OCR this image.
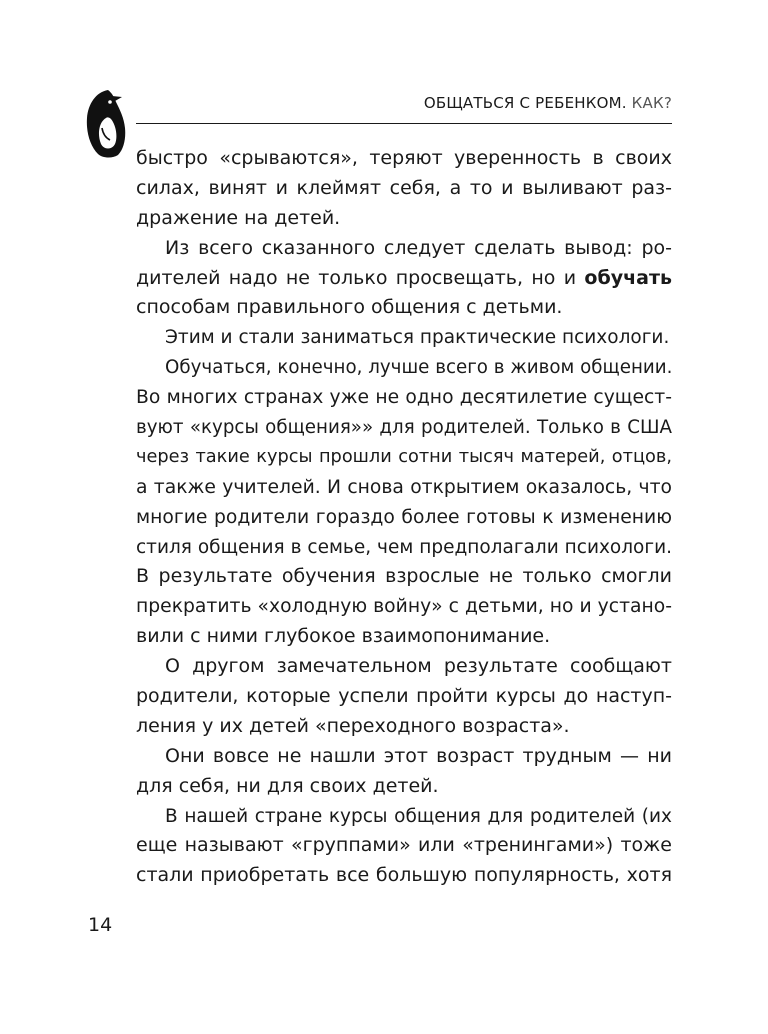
ОБЩАТЬСЯ С РЕБЕНКОМ. КАК?
быстро «срываются», теряют уверенность в своих
силах, винят и клеймят себя, а то и выливают раз-
дражение на детей.
Из всего сказанного следует сделать вывод: ро-
дителей надо не только просвещать, но и обучать
способам правильного общения с детьми.
Этим и стали заниматься практические психологи.
Обучаться, конечно, лучше всего в живом общении.
Во многих странах уже не одно десятилетие сущест-
вуют «курсы общения»» для родителей. Только в США
через такие курсы прошли сотни тысяч матерей, отцов,
а также учителей. И снова открытием оказалось, что
многие родители гораздо более готовы к изменению
стиля общения в семье, чем предполагали психологи.
В результате обучения взрослые не только смогли
прекратить «холодную войну» с детьми, но и устано-
вили с ними глубокое взаимопонимание.
О другом замечательном результате сообщают
родители, которые успели пройти курсы до наступ-
ления у их детей «переходного возраста».
Они вовсе не нашли этот возраст трудным — ни
для себя, ни для своих детей.
В нашей стране курсы общения для родителей (их
еще называют «группами» или «тренингами») тоже
стали приобретать все большую популярность, хотя
14
